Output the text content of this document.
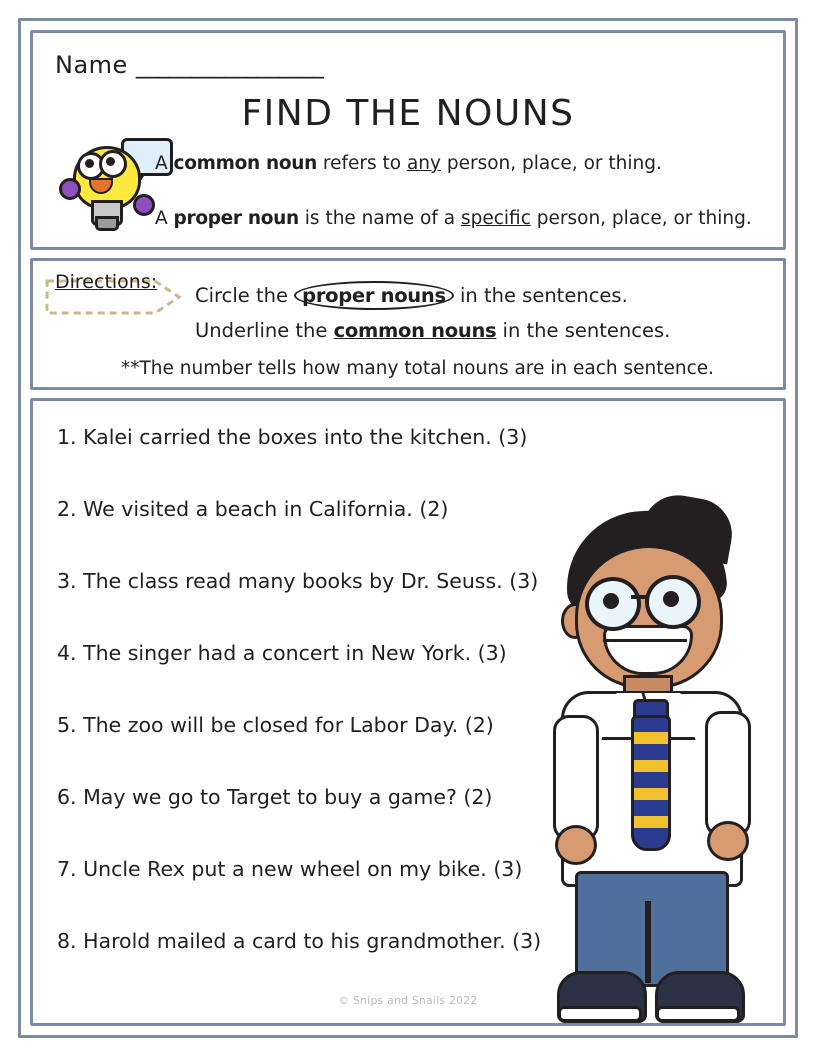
Name _________________
FIND THE NOUNS
A common noun refers to any person, place, or thing.
A proper noun is the name of a specific person, place, or thing.
Directions:
Circle the proper nouns in the sentences.
Underline the common nouns in the sentences.
**The number tells how many total nouns are in each sentence.
1. Kalei carried the boxes into the kitchen. (3)
2. We visited a beach in California. (2)
3. The class read many books by Dr. Seuss. (3)
4. The singer had a concert in New York. (3)
5. The zoo will be closed for Labor Day. (2)
6. May we go to Target to buy a game? (2)
7. Uncle Rex put a new wheel on my bike. (3)
8. Harold mailed a card to his grandmother. (3)
© Snips and Snails 2022
